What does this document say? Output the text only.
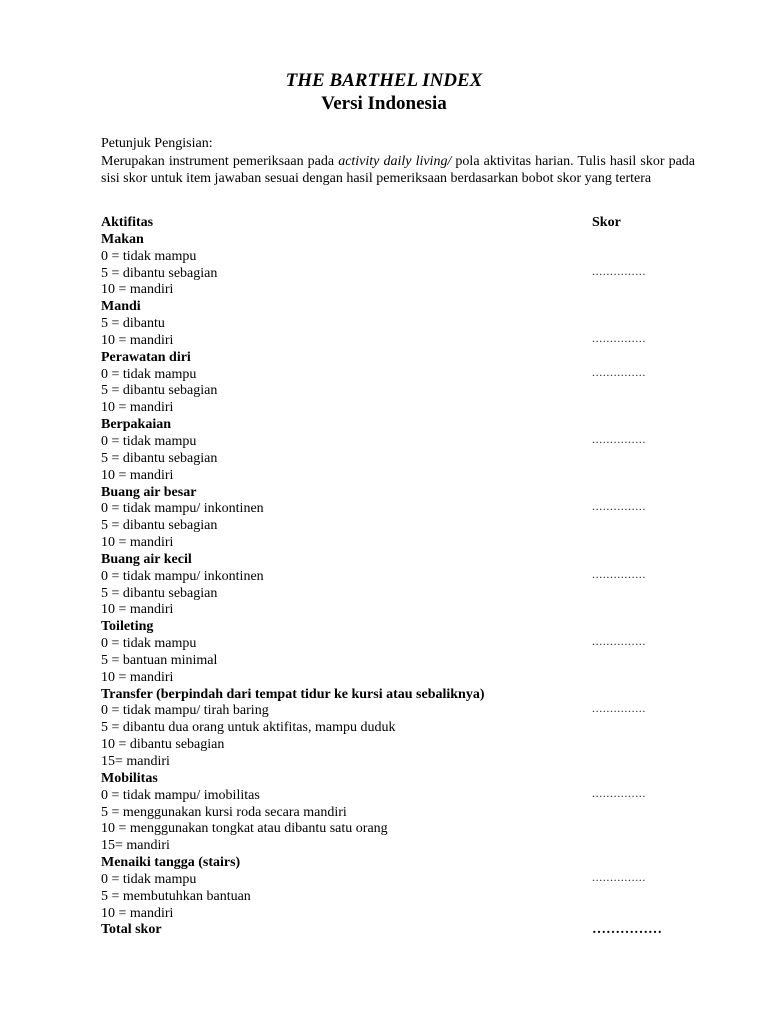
THE BARTHEL INDEX
Versi Indonesia

Petunjuk Pengisian:

Merupakan instrument pemeriksaan pada activity daily living/ pola aktivitas harian. Tulis hasil skor pada sisi skor untuk item jawaban sesuai dengan hasil pemeriksaan berdasarkan bobot skor yang tertera

Aktifitas	Skor
Makan
0 = tidak mampu
5 = dibantu sebagian	...............
10 = mandiri
Mandi
5 = dibantu
10 = mandiri	...............
Perawatan diri
0 = tidak mampu	...............
5 = dibantu sebagian
10 = mandiri
Berpakaian
0 = tidak mampu	...............
5 = dibantu sebagian
10 = mandiri
Buang air besar
0 = tidak mampu/ inkontinen	...............
5 = dibantu sebagian
10 = mandiri
Buang air kecil
0 = tidak mampu/ inkontinen	...............
5 = dibantu sebagian
10 = mandiri
Toileting
0 = tidak mampu	...............
5 = bantuan minimal
10 = mandiri
Transfer (berpindah dari tempat tidur ke kursi atau sebaliknya)
0 = tidak mampu/ tirah baring	...............
5 = dibantu dua orang untuk aktifitas, mampu duduk
10 = dibantu sebagian
15= mandiri
Mobilitas
0 = tidak mampu/ imobilitas	...............
5 = menggunakan kursi roda secara mandiri
10 = menggunakan tongkat atau dibantu satu orang
15= mandiri
Menaiki tangga (stairs)
0 = tidak mampu	...............
5 = membutuhkan bantuan
10 = mandiri
Total skor	……………
